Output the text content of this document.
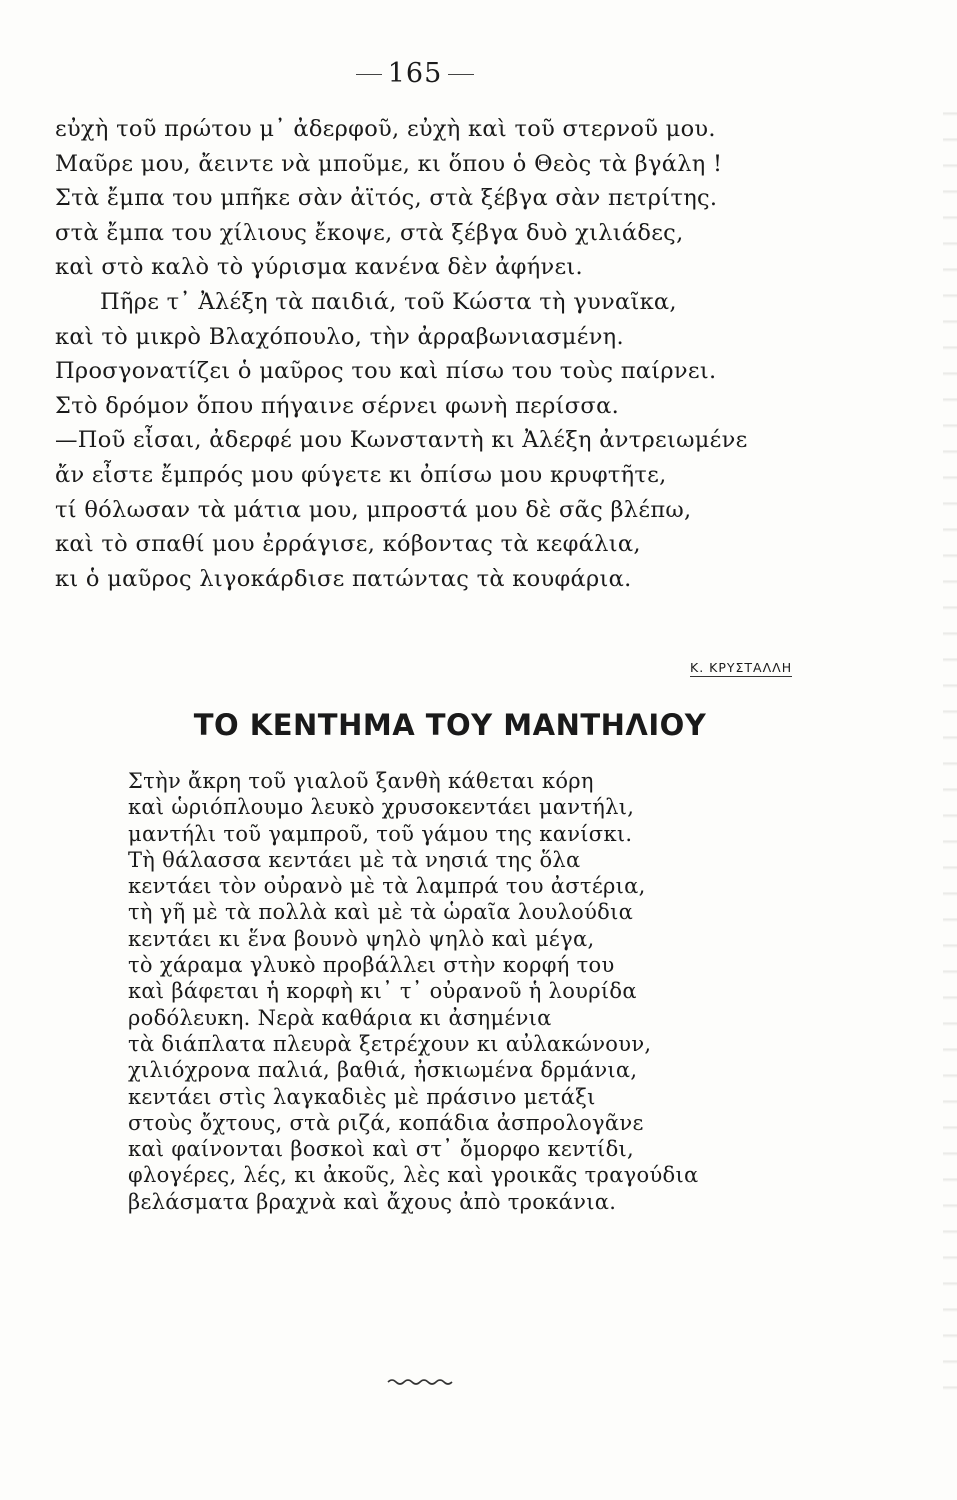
165
εὐχὴ τοῦ πρώτου μ᾿ ἀδερφοῦ, εὐχὴ καὶ τοῦ στερνοῦ μου.
Μαῦρε μου, ἄειντε νὰ μποῦμε, κι ὅπου ὁ Θεὸς τὰ βγάλη !
Στὰ ἔμπα του μπῆκε σὰν ἀϊτός, στὰ ξέβγα σὰν πετρίτης.
στὰ ἔμπα του χίλιους ἔκοψε, στὰ ξέβγα δυὸ χιλιάδες,
καὶ στὸ καλὸ τὸ γύρισμα κανένα δὲν ἀφήνει.
Πῆρε τ᾿ Ἀλέξη τὰ παιδιά, τοῦ Κώστα τὴ γυναῖκα,
καὶ τὸ μικρὸ Βλαχόπουλο, τὴν ἀρραβωνιασμένη.
Προσγονατίζει ὁ μαῦρος του καὶ πίσω του τοὺς παίρνει.
Στὸ δρόμον ὅπου πήγαινε σέρνει φωνὴ περίσσα.
—Ποῦ εἶσαι, ἀδερφέ μου Κωνσταντὴ κι Ἀλέξη ἀντρειωμένε
ἄν εἶστε ἔμπρός μου φύγετε κι ὀπίσω μου κρυφτῆτε,
τί θόλωσαν τὰ μάτια μου, μπροστά μου δὲ σᾶς βλέπω,
καὶ τὸ σπαθί μου ἐρράγισε, κόβοντας τὰ κεφάλια,
κι ὁ μαῦρος λιγοκάρδισε πατώντας τὰ κουφάρια.
Κ. ΚΡΥΣΤΑΛΛΗ
ΤΟ ΚΕΝΤΗΜΑ ΤΟΥ ΜΑΝΤΗΛΙΟΥ
Στὴν ἄκρη τοῦ γιαλοῦ ξανθὴ κάθεται κόρη
καὶ ὡριόπλουμο λευκὸ χρυσοκεντάει μαντήλι,
μαντήλι τοῦ γαμπροῦ, τοῦ γάμου της κανίσκι.
Τὴ θάλασσα κεντάει μὲ τὰ νησιά της ὅλα
κεντάει τὸν οὐρανὸ μὲ τὰ λαμπρά του ἀστέρια,
τὴ γῆ μὲ τὰ πολλὰ καὶ μὲ τὰ ὡραῖα λουλούδια
κεντάει κι ἕνα βουνὸ ψηλὸ ψηλὸ καὶ μέγα,
τὸ χάραμα γλυκὸ προβάλλει στὴν κορφή του
καὶ βάφεται ἡ κορφὴ κι᾿ τ᾿ οὐρανοῦ ἡ λουρίδα
ροδόλευκη. Νερὰ καθάρια κι ἀσημένια
τὰ διάπλατα πλευρὰ ξετρέχουν κι αὐλακώνουν,
χιλιόχρονα παλιά, βαθιά, ἠσκιωμένα δρμάνια,
κεντάει στὶς λαγκαδιὲς μὲ πράσινο μετάξι
στοὺς ὄχτους, στὰ ριζά, κοπάδια ἀσπρολογᾶνε
καὶ φαίνονται βοσκοὶ καὶ στ᾿ ὄμορφο κεντίδι,
φλογέρες, λές, κι ἀκοῦς, λὲς καὶ γροικᾶς τραγούδια
βελάσματα βραχνὰ καὶ ἄχους ἀπὸ τροκάνια.
